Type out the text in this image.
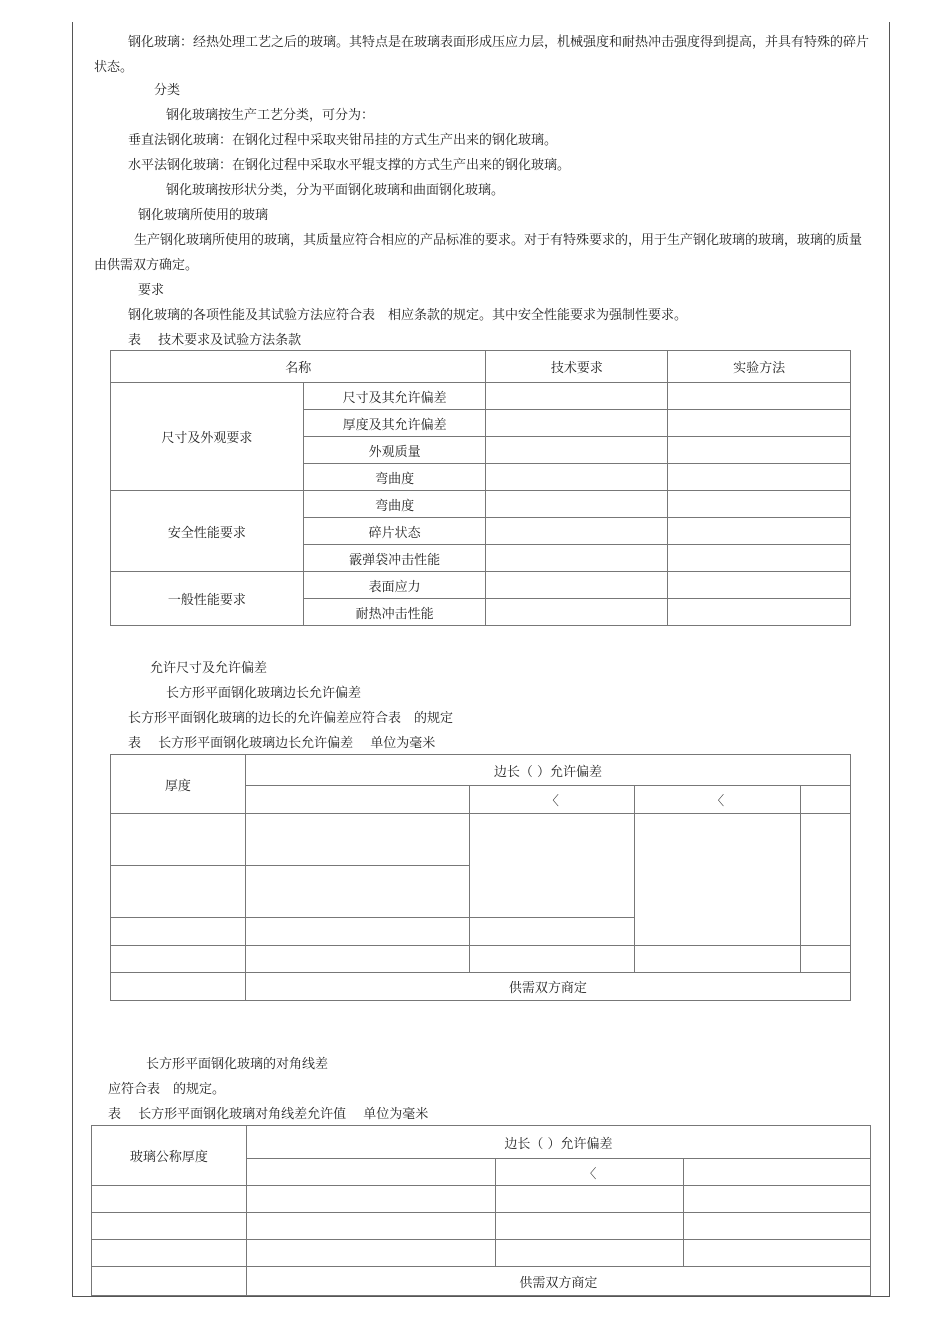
钢化玻璃：经热处理工艺之后的玻璃。其特点是在玻璃表面形成压应力层，机械强度和耐热冲击强度得到提高，并具有特殊的碎片状态。
分类
钢化玻璃按生产工艺分类，可分为：
垂直法钢化玻璃：在钢化过程中采取夹钳吊挂的方式生产出来的钢化玻璃。
水平法钢化玻璃：在钢化过程中采取水平辊支撑的方式生产出来的钢化玻璃。
钢化玻璃按形状分类，分为平面钢化玻璃和曲面钢化玻璃。
钢化玻璃所使用的玻璃
生产钢化玻璃所使用的玻璃，其质量应符合相应的产品标准的要求。对于有特殊要求的，用于生产钢化玻璃的玻璃，玻璃的质量由供需双方确定。
要求
钢化玻璃的各项性能及其试验方法应符合表　相应条款的规定。其中安全性能要求为强制性要求。
表　 技术要求及试验方法条款
名称		技术要求	实验方法
尺寸及外观要求	尺寸及其允许偏差		
	厚度及其允许偏差		
	外观质量		
	弯曲度		
安全性能要求	弯曲度		
	碎片状态		
	霰弹袋冲击性能		
一般性能要求	表面应力		
	耐热冲击性能		
允许尺寸及允许偏差
长方形平面钢化玻璃边长允许偏差
长方形平面钢化玻璃的边长的允许偏差应符合表　的规定
表　 长方形平面钢化玻璃边长允许偏差　 单位为毫米
厚度	边长（ ）允许偏差			
		〈	〈	

	供需双方商定			
长方形平面钢化玻璃的对角线差
应符合表　的规定。
表　 长方形平面钢化玻璃对角线差允许值　 单位为毫米
玻璃公称厚度	边长（ ）允许偏差		
		〈	

	供需双方商定		
